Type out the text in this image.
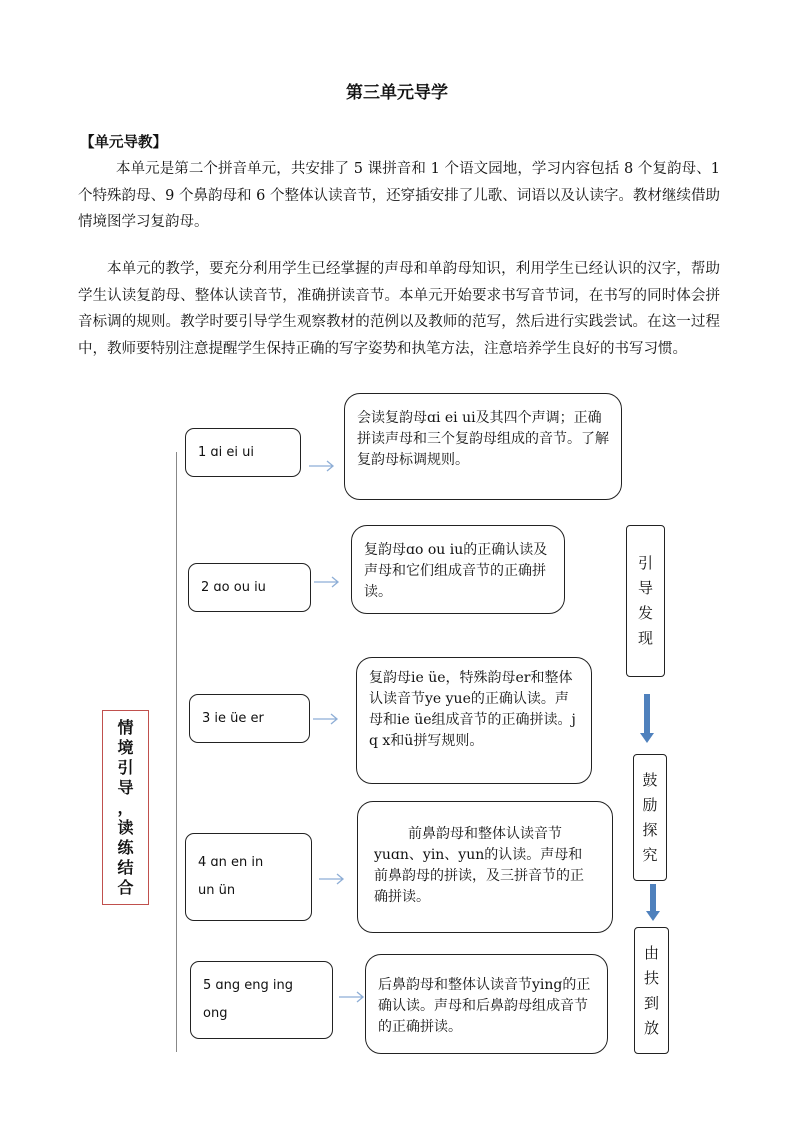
第三单元导学
【单元导教】
本单元是第二个拼音单元，共安排了 5 课拼音和 1 个语文园地，学习内容包括 8 个复韵母、1 个特殊韵母、9 个鼻韵母和 6 个整体认读音节，还穿插安排了儿歌、词语以及认读字。教材继续借助情境图学习复韵母。
本单元的教学，要充分利用学生已经掌握的声母和单韵母知识，利用学生已经认识的汉字，帮助学生认读复韵母、整体认读音节，准确拼读音节。本单元开始要求书写音节词，在书写的同时体会拼音标调的规则。教学时要引导学生观察教材的范例以及教师的范写，然后进行实践尝试。在这一过程中，教师要特别注意提醒学生保持正确的写字姿势和执笔方法，注意培养学生良好的书写习惯。
情
境
引
导
，
读
练
结
合
1 ɑi ei ui
会读复韵母ɑi ei ui及其四个声调；正确拼读声母和三个复韵母组成的音节。了解复韵母标调规则。
2 ɑo ou iu
复韵母ɑo ou iu的正确认读及声母和它们组成音节的正确拼读。
3 ie üe er
复韵母ie üe，特殊韵母er和整体认读音节ye yue的正确认读。声母和ie üe组成音节的正确拼读。j q x和ü拼写规则。
4 ɑn en in
un ün
前鼻韵母和整体认读音节yuɑn、yin、yun的认读。声母和前鼻韵母的拼读，及三拼音节的正确拼读。
5 ɑng eng ing
ong
后鼻韵母和整体认读音节ying的正确认读。声母和后鼻韵母组成音节的正确拼读。
引
导
发
现
鼓
励
探
究
由
扶
到
放
